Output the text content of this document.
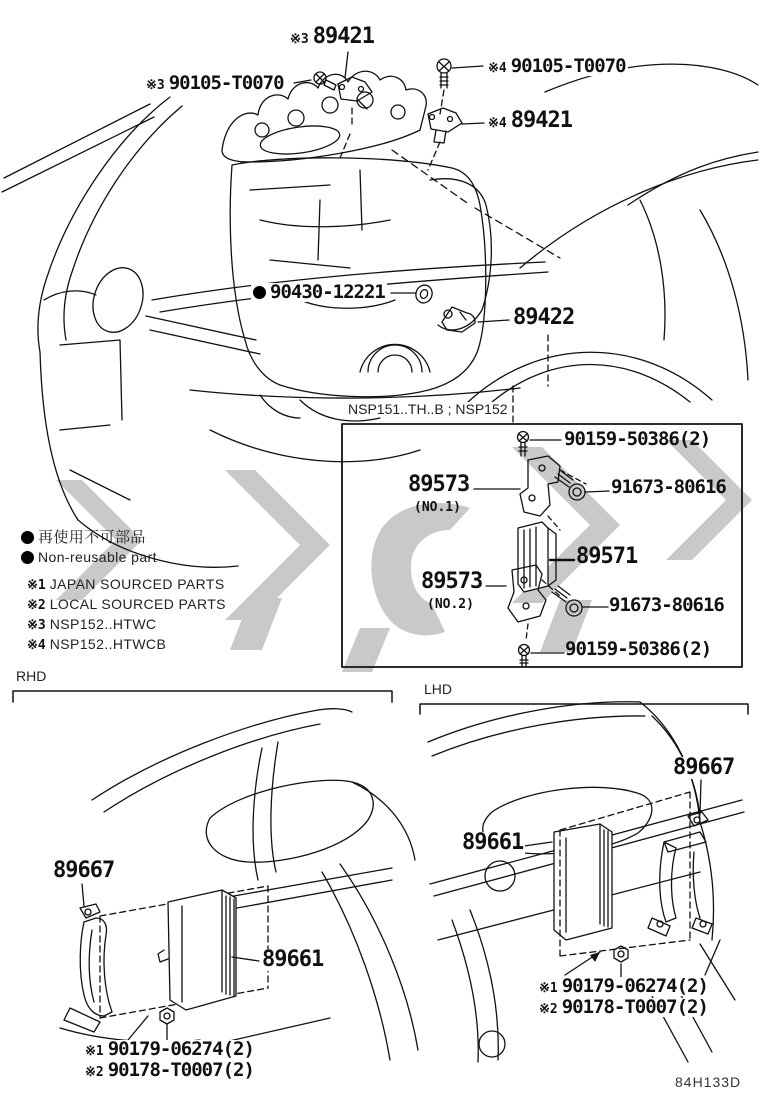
※3 89421
※3 90105-T0070
※4 90105-T0070
※4 89421
90430-12221
89422
NSP151..TH..B ; NSP152
90159-50386(2)
89573
(NO.1)
91673-80616
89571
89573
(NO.2)	91673-80616
90159-50386(2)
再使用不可部品
Non-reusable part
※1 JAPAN SOURCED PARTS
※2 LOCAL SOURCED PARTS
※3 NSP152..HTWC
※4 NSP152..HTWCB
RHD
89667
89661
※1 90179-06274(2)
※2 90178-T0007(2)
LHD
89667
89661
※1 90179-06274(2)
※2 90178-T0007(2)
84H133D
